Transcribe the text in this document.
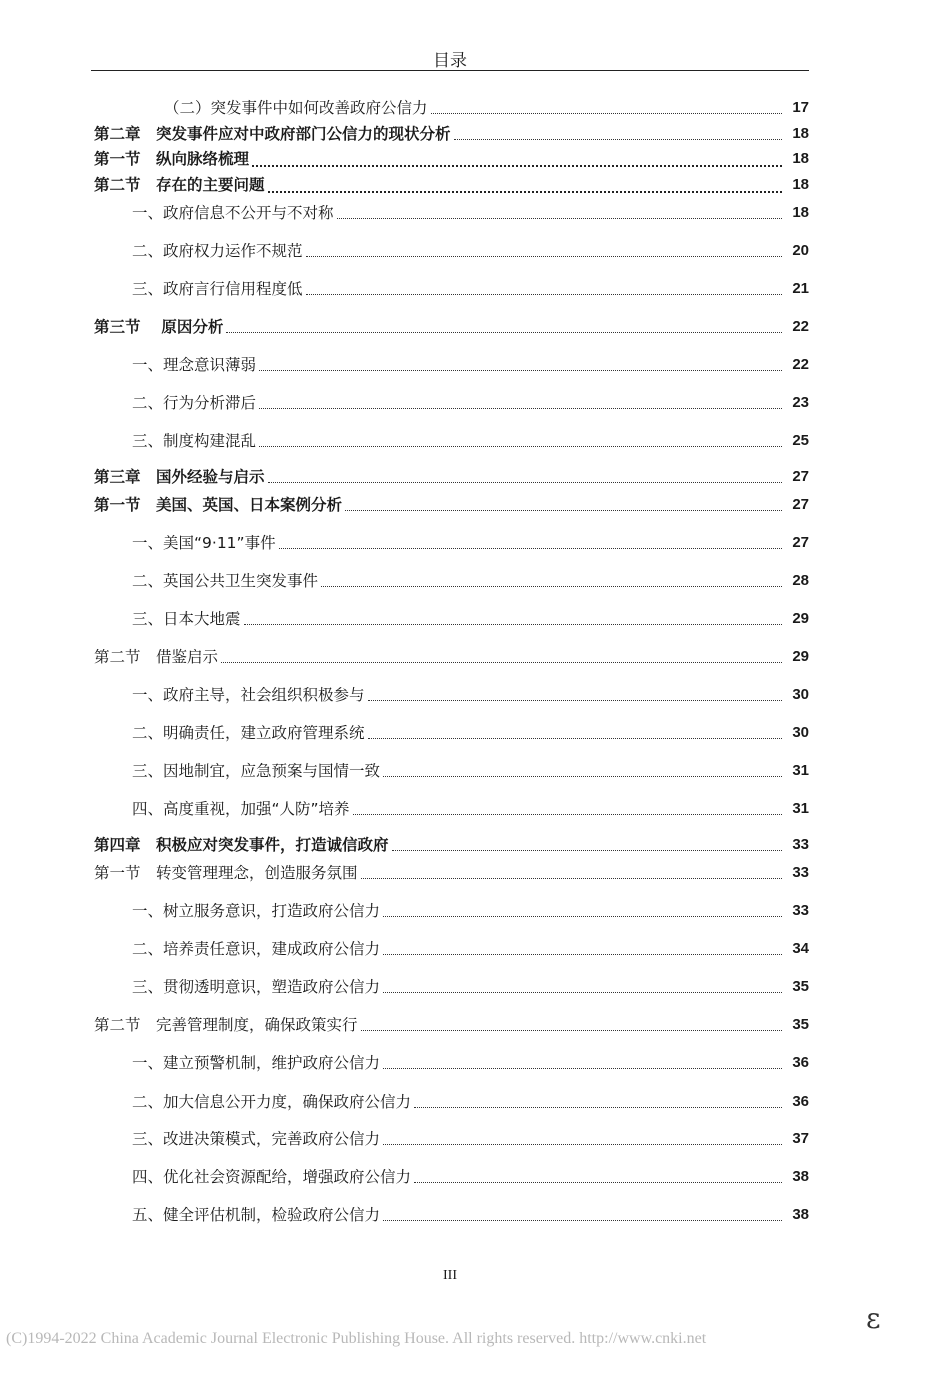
目录
（二）突发事件中如何改善政府公信力	17
第二章　突发事件应对中政府部门公信力的现状分析	18
第一节　纵向脉络梳理	18
第二节　存在的主要问题	18
一、政府信息不公开与不对称	18
二、政府权力运作不规范	20
三、政府言行信用程度低	21
第三节　 原因分析	22
一、理念意识薄弱	22
二、行为分析滞后	23
三、制度构建混乱	25
第三章　国外经验与启示	27
第一节　美国、英国、日本案例分析	27
一、美国“9·11”事件	27
二、英国公共卫生突发事件	28
三、日本大地震	29
第二节　借鉴启示	29
一、政府主导，社会组织积极参与	30
二、明确责任，建立政府管理系统	30
三、因地制宜，应急预案与国情一致	31
四、高度重视，加强“人防”培养	31
第四章　积极应对突发事件，打造诚信政府	33
第一节　转变管理理念，创造服务氛围	33
一、树立服务意识，打造政府公信力	33
二、培养责任意识，建成政府公信力	34
三、贯彻透明意识，塑造政府公信力	35
第二节　完善管理制度，确保政策实行	35
一、建立预警机制，维护政府公信力	36
二、加大信息公开力度，确保政府公信力	36
三、改进决策模式，完善政府公信力	37
四、优化社会资源配给，增强政府公信力	38
五、健全评估机制，检验政府公信力	38
III
(C)1994-2022 China Academic Journal Electronic Publishing House. All rights reserved. http://www.cnki.net
ε
